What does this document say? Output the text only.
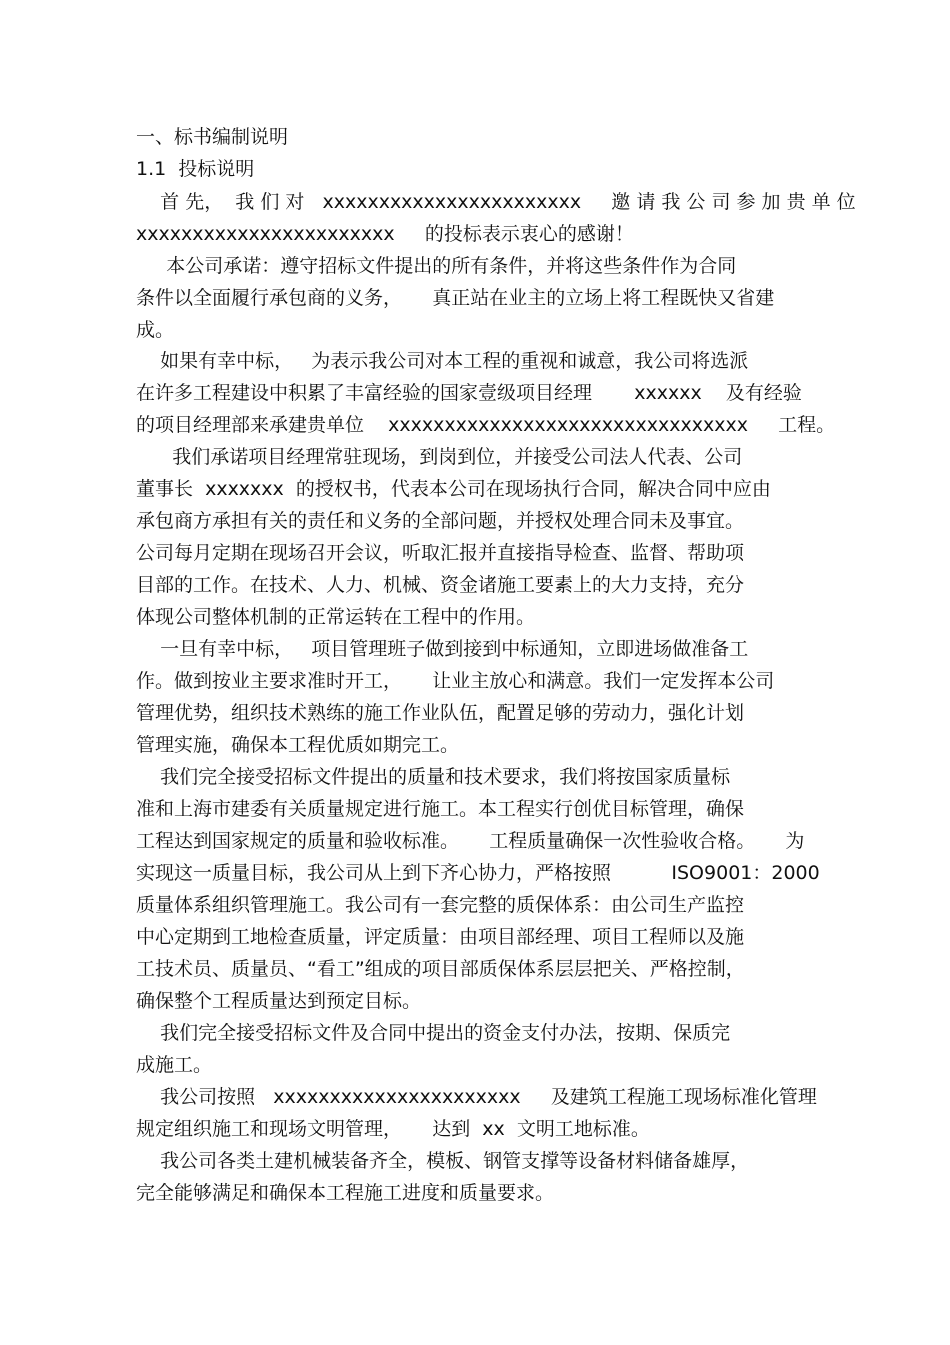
一、标书编制说明
1.1  投标说明
首 先，  我 们 对   xxxxxxxxxxxxxxxxxxxxxxx     邀 请 我 公 司 参 加 贵 单 位
xxxxxxxxxxxxxxxxxxxxxxx     的投标表示衷心的感谢！
本公司承诺：遵守招标文件提出的所有条件，并将这些条件作为合同
条件以全面履行承包商的义务，     真正站在业主的立场上将工程既快又省建
成。
如果有幸中标，   为表示我公司对本工程的重视和诚意，我公司将选派
在许多工程建设中积累了丰富经验的国家壹级项目经理       xxxxxx    及有经验
的项目经理部来承建贵单位    xxxxxxxxxxxxxxxxxxxxxxxxxxxxxxxx     工程。
我们承诺项目经理常驻现场，到岗到位，并接受公司法人代表、公司
董事长  xxxxxxx  的授权书，代表本公司在现场执行合同，解决合同中应由
承包商方承担有关的责任和义务的全部问题，并授权处理合同未及事宜。
公司每月定期在现场召开会议，听取汇报并直接指导检查、监督、帮助项
目部的工作。在技术、人力、机械、资金诸施工要素上的大力支持，充分
体现公司整体机制的正常运转在工程中的作用。
一旦有幸中标，   项目管理班子做到接到中标通知，立即进场做准备工
作。做到按业主要求准时开工，     让业主放心和满意。我们一定发挥本公司
管理优势，组织技术熟练的施工作业队伍，配置足够的劳动力，强化计划
管理实施，确保本工程优质如期完工。
我们完全接受招标文件提出的质量和技术要求，我们将按国家质量标
准和上海市建委有关质量规定进行施工。本工程实行创优目标管理，确保
工程达到国家规定的质量和验收标准。     工程质量确保一次性验收合格。     为
实现这一质量目标，我公司从上到下齐心协力，严格按照          ISO9001：2000
质量体系组织管理施工。我公司有一套完整的质保体系：由公司生产监控
中心定期到工地检查质量，评定质量：由项目部经理、项目工程师以及施
工技术员、质量员、“看工”组成的项目部质保体系层层把关、严格控制，
确保整个工程质量达到预定目标。
我们完全接受招标文件及合同中提出的资金支付办法，按期、保质完
成施工。
我公司按照   xxxxxxxxxxxxxxxxxxxxxx     及建筑工程施工现场标准化管理
规定组织施工和现场文明管理，     达到  xx  文明工地标准。
我公司各类土建机械装备齐全，模板、钢管支撑等设备材料储备雄厚，
完全能够满足和确保本工程施工进度和质量要求。
